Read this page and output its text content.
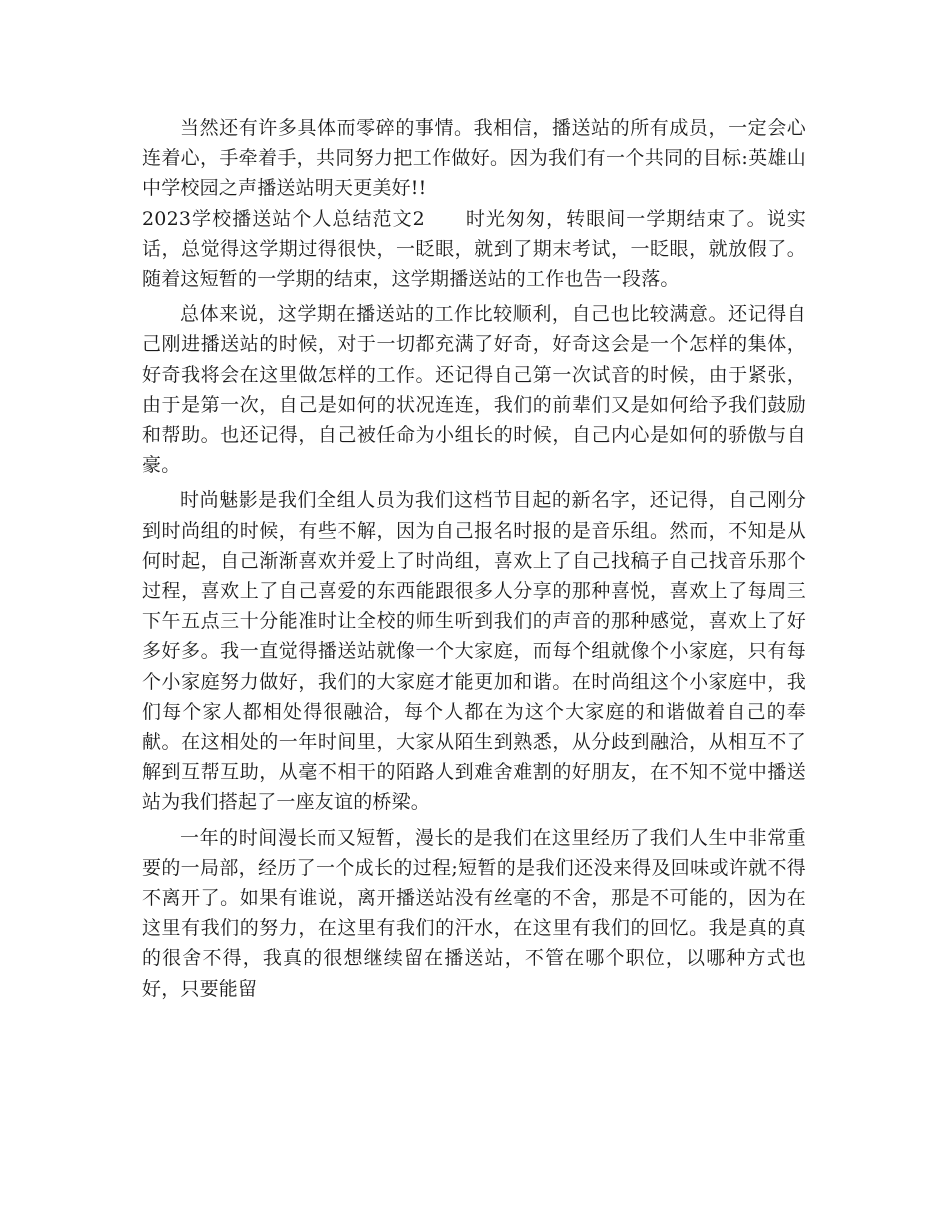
当然还有许多具体而零碎的事情。我相信，播送站的所有成员，一定会心连着心，手牵着手，共同努力把工作做好。因为我们有一个共同的目标:英雄山中学校园之声播送站明天更美好!!

2023学校播送站个人总结范文2 时光匆匆，转眼间一学期结束了。说实话，总觉得这学期过得很快，一眨眼，就到了期末考试，一眨眼，就放假了。随着这短暂的一学期的结束，这学期播送站的工作也告一段落。

总体来说，这学期在播送站的工作比较顺利，自己也比较满意。还记得自己刚进播送站的时候，对于一切都充满了好奇，好奇这会是一个怎样的集体，好奇我将会在这里做怎样的工作。还记得自己第一次试音的时候，由于紧张，由于是第一次，自己是如何的状况连连，我们的前辈们又是如何给予我们鼓励和帮助。也还记得，自己被任命为小组长的时候，自己内心是如何的骄傲与自豪。

时尚魅影是我们全组人员为我们这档节目起的新名字，还记得，自己刚分到时尚组的时候，有些不解，因为自己报名时报的是音乐组。然而，不知是从何时起，自己渐渐喜欢并爱上了时尚组，喜欢上了自己找稿子自己找音乐那个过程，喜欢上了自己喜爱的东西能跟很多人分享的那种喜悦，喜欢上了每周三下午五点三十分能准时让全校的师生听到我们的声音的那种感觉，喜欢上了好多好多。我一直觉得播送站就像一个大家庭，而每个组就像个小家庭，只有每个小家庭努力做好，我们的大家庭才能更加和谐。在时尚组这个小家庭中，我们每个家人都相处得很融洽，每个人都在为这个大家庭的和谐做着自己的奉献。在这相处的一年时间里，大家从陌生到熟悉，从分歧到融洽，从相互不了解到互帮互助，从毫不相干的陌路人到难舍难割的好朋友，在不知不觉中播送站为我们搭起了一座友谊的桥梁。

一年的时间漫长而又短暂，漫长的是我们在这里经历了我们人生中非常重要的一局部，经历了一个成长的过程;短暂的是我们还没来得及回味或许就不得不离开了。如果有谁说，离开播送站没有丝毫的不舍，那是不可能的，因为在这里有我们的努力，在这里有我们的汗水，在这里有我们的回忆。我是真的真的很舍不得，我真的很想继续留在播送站，不管在哪个职位，以哪种方式也好，只要能留
